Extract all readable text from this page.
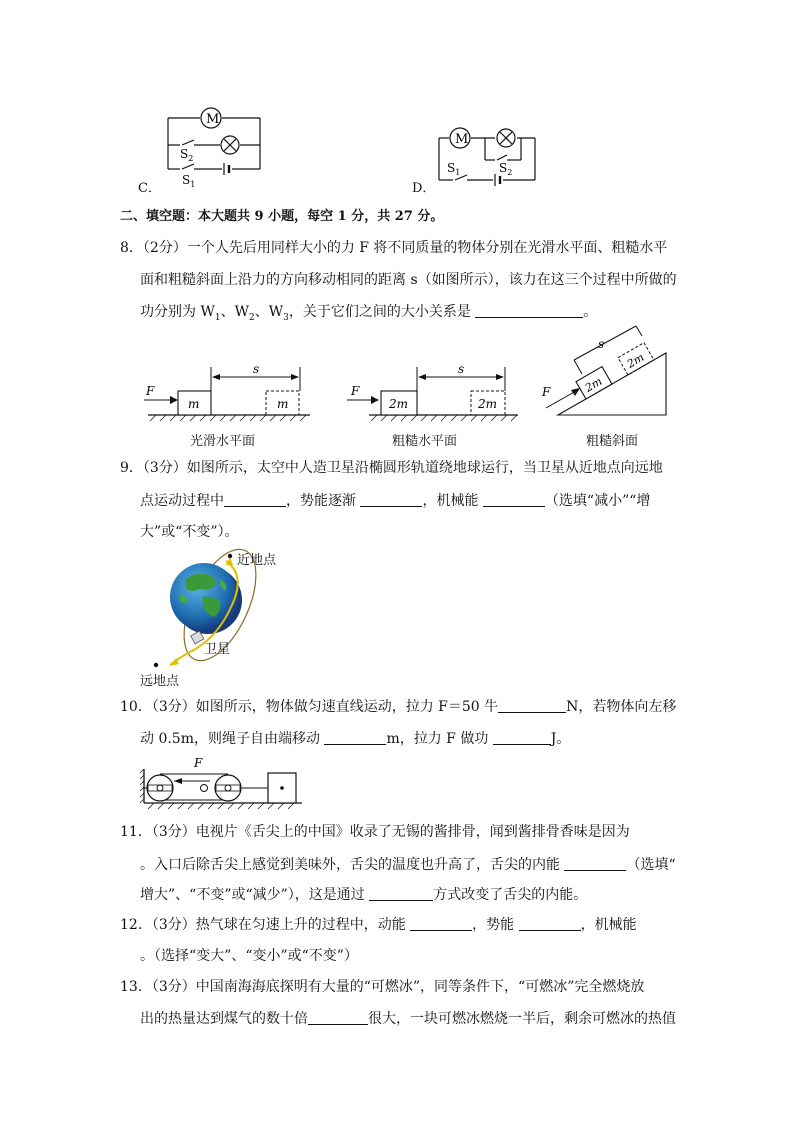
M
$S_2$
$S_1$
C．
M
$S_1$	$S_2$
D．
二、填空题：本大题共 9 小题，每空 1 分，共 27 分。
8．（2分）一个人先后用同样大小的力 F 将不同质量的物体分别在光滑水平面、粗糙水平
面和粗糙斜面上沿力的方向移动相同的距离 s（如图所示），该力在这三个过程中所做的
功分别为 $W_1$、$W_2$、$W_3$，关于它们之间的大小关系是	。
F
s
m	m
光滑水平面
F
s
2m	2m
粗糙水平面
2m
2m
s
F
粗糙斜面
9．（3分）如图所示，太空中人造卫星沿椭圆形轨道绕地球运行，当卫星从近地点向远地
点运动过程中	，势能逐渐	，机械能	（选填“减小”“增
大”或“不变”）。
近地点
卫星
远地点
10．（3分）如图所示，物体做匀速直线运动，拉力 F＝50 牛	N，若物体向左移
动 0.5m，则绳子自由端移动	m，拉力 F 做功	J。
F
11．（3分）电视片《舌尖上的中国》收录了无锡的酱排骨，闻到酱排骨香味是因为
。入口后除舌尖上感觉到美味外，舌尖的温度也升高了，舌尖的内能	（选填“
增大”、“不变”或“减少”），这是通过	方式改变了舌尖的内能。
12．（3分）热气球在匀速上升的过程中，动能	，势能	，机械能
。（选择“变大”、“变小”或“不变”）
13．（3分）中国南海海底探明有大量的“可燃冰”，同等条件下，“可燃冰”完全燃烧放
出的热量达到煤气的数十倍	很大，一块可燃冰燃烧一半后，剩余可燃冰的热值
